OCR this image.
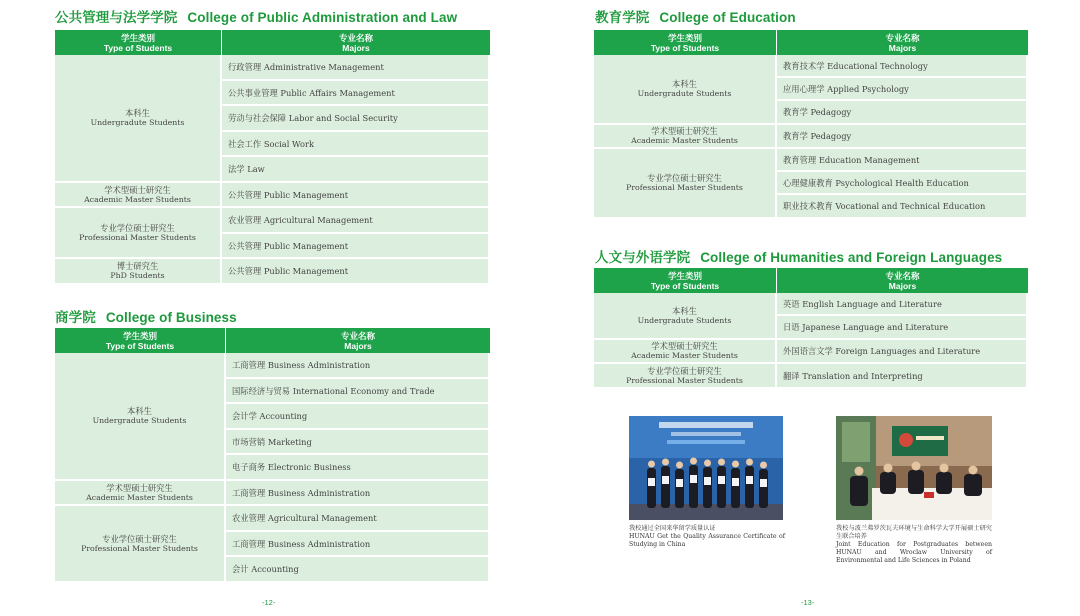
公共管理与法学学院 College of Public Administration and Law
学生类别
Type of Students	专业名称
Majors
本科生
Undergradute Students	行政管理 Administrative Management
	公共事业管理 Public Affairs Management
	劳动与社会保障 Labor and Social Security
	社会工作 Social Work
	法学 Law
学术型硕士研究生
Academic Master Students	公共管理 Public Management
专业学位硕士研究生
Professional Master Students	农业管理 Agricultural Management
	公共管理 Public Management
博士研究生
PhD Students	公共管理 Public Management
商学院 College of Business
学生类别
Type of Students	专业名称
Majors
本科生
Undergradute Students	工商管理 Business Administration
	国际经济与贸易 International Economy and Trade
	会计学 Accounting
	市场营销 Marketing
	电子商务 Electronic Business
学术型硕士研究生
Academic Master Students	工商管理 Business Administration
专业学位硕士研究生
Professional Master Students	农业管理 Agricultural Management
	工商管理 Business Administration
	会计 Accounting
-12-
教育学院 College of Education
学生类别
Type of Students	专业名称
Majors
本科生
Undergradute Students	教育技术学 Educational Technology
	应用心理学 Applied Psychology
	教育学 Pedagogy
学术型硕士研究生
Academic Master Students	教育学 Pedagogy
专业学位硕士研究生
Professional Master Students	教育管理 Education Management
	心理健康教育 Psychological Health Education
	职业技术教育 Vocational and Technical Education
人文与外语学院 College of Humanities and Foreign Languages
学生类别
Type of Students	专业名称
Majors
本科生
Undergradute Students	英语 English Language and Literature
	日语 Japanese Language and Literature
学术型硕士研究生
Academic Master Students	外国语言文学 Foreign Languages and Literature
专业学位硕士研究生
Professional Master Students	翻译 Translation and Interpreting
我校通过全国来华留学质量认证
HUNAU Get the Quality Assurance Certificate of Studying in China
我校与波兰弗罗茨瓦夫环境与生命科学大学开展硕士研究生联合培养
Joint Education for Postgraduates between HUNAU and Wroclaw University of Environmental and Life Sciences in Poland
-13-
